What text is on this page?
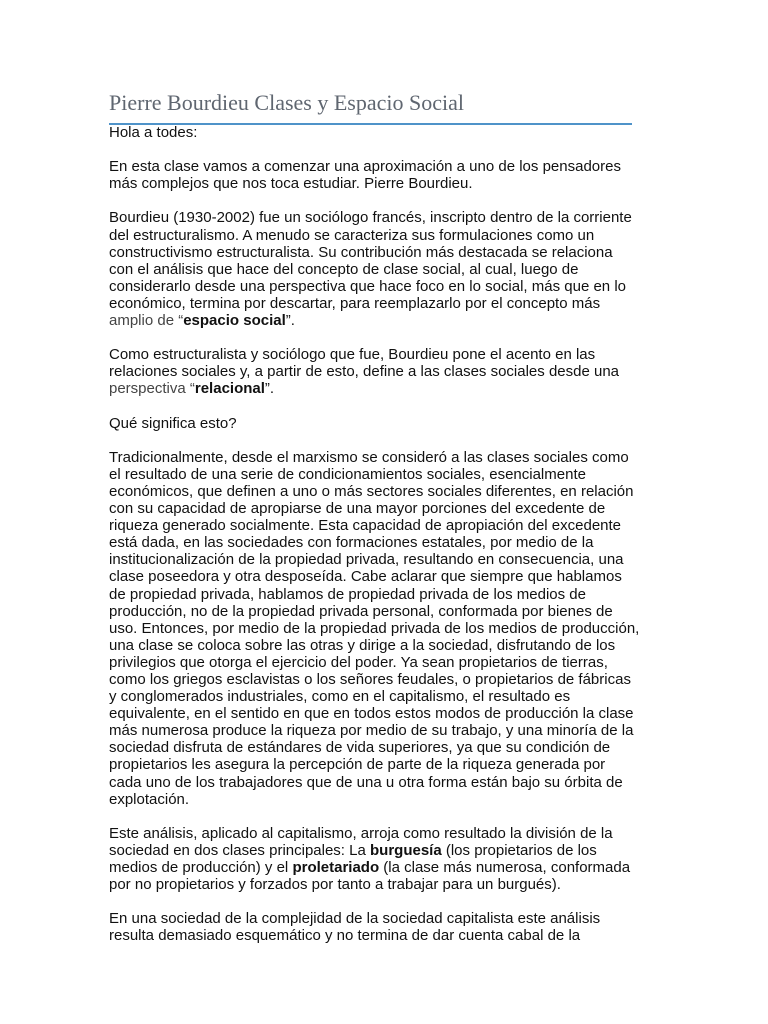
Pierre Bourdieu Clases y Espacio Social

Hola a todes:

En esta clase vamos a comenzar una aproximación a uno de los pensadores
más complejos que nos toca estudiar. Pierre Bourdieu.

Bourdieu (1930-2002) fue un sociólogo francés, inscripto dentro de la corriente
del estructuralismo. A menudo se caracteriza sus formulaciones como un
constructivismo estructuralista. Su contribución más destacada se relaciona
con el análisis que hace del concepto de clase social, al cual, luego de
considerarlo desde una perspectiva que hace foco en lo social, más que en lo
económico, termina por descartar, para reemplazarlo por el concepto más
amplio de “espacio social”.

Como estructuralista y sociólogo que fue, Bourdieu pone el acento en las
relaciones sociales y, a partir de esto, define a las clases sociales desde una
perspectiva “relacional”.

Qué significa esto?

Tradicionalmente, desde el marxismo se consideró a las clases sociales como
el resultado de una serie de condicionamientos sociales, esencialmente
económicos, que definen a uno o más sectores sociales diferentes, en relación
con su capacidad de apropiarse de una mayor porciones del excedente de
riqueza generado socialmente. Esta capacidad de apropiación del excedente
está dada, en las sociedades con formaciones estatales, por medio de la
institucionalización de la propiedad privada, resultando en consecuencia, una
clase poseedora y otra desposeída. Cabe aclarar que siempre que hablamos
de propiedad privada, hablamos de propiedad privada de los medios de
producción, no de la propiedad privada personal, conformada por bienes de
uso. Entonces, por medio de la propiedad privada de los medios de producción,
una clase se coloca sobre las otras y dirige a la sociedad, disfrutando de los
privilegios que otorga el ejercicio del poder. Ya sean propietarios de tierras,
como los griegos esclavistas o los señores feudales, o propietarios de fábricas
y conglomerados industriales, como en el capitalismo, el resultado es
equivalente, en el sentido en que en todos estos modos de producción la clase
más numerosa produce la riqueza por medio de su trabajo, y una minoría de la
sociedad disfruta de estándares de vida superiores, ya que su condición de
propietarios les asegura la percepción de parte de la riqueza generada por
cada uno de los trabajadores que de una u otra forma están bajo su órbita de
explotación.

Este análisis, aplicado al capitalismo, arroja como resultado la división de la
sociedad en dos clases principales: La burguesía (los propietarios de los
medios de producción) y el proletariado (la clase más numerosa, conformada
por no propietarios y forzados por tanto a trabajar para un burgués).

En una sociedad de la complejidad de la sociedad capitalista este análisis
resulta demasiado esquemático y no termina de dar cuenta cabal de la
